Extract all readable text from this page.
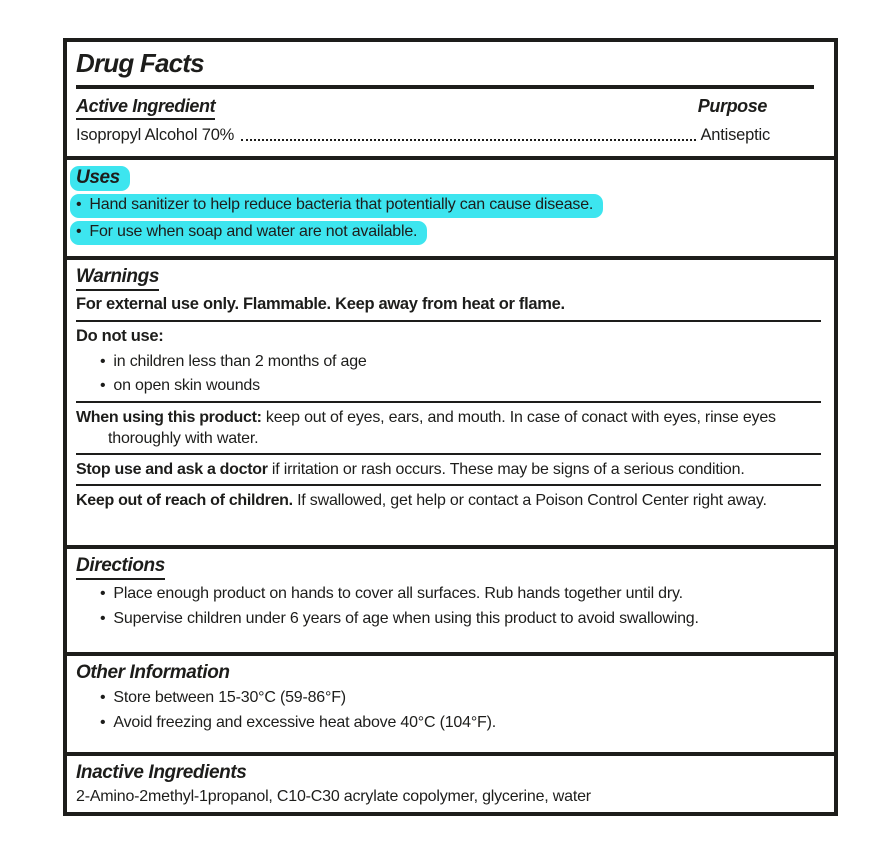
Drug Facts
Active Ingredient	Purpose
Isopropyl Alcohol 70%	Antiseptic
Uses
• Hand sanitizer to help reduce bacteria that potentially can cause disease.
• For use when soap and water are not available.
Warnings

For external use only. Flammable. Keep away from heat or flame.

Do not use:

•
in children less than 2 months of age
•
on open skin wounds

When using this product: keep out of eyes, ears, and mouth. In case of conact with eyes, rinse eyes thoroughly with water.

Stop use and ask a doctor if irritation or rash occurs. These may be signs of a serious condition.

Keep out of reach of children. If swallowed, get help or contact a Poison Control Center right away.

Directions
•
Place enough product on hands to cover all surfaces. Rub hands together until dry.
•
Supervise children under 6 years of age when using this product to avoid swallowing.
Other Information
•
Store between 15-30°C (59-86°F)
•
Avoid freezing and excessive heat above 40°C (104°F).
Inactive Ingredients
2-Amino-2methyl-1propanol, C10-C30 acrylate copolymer, glycerine, water
